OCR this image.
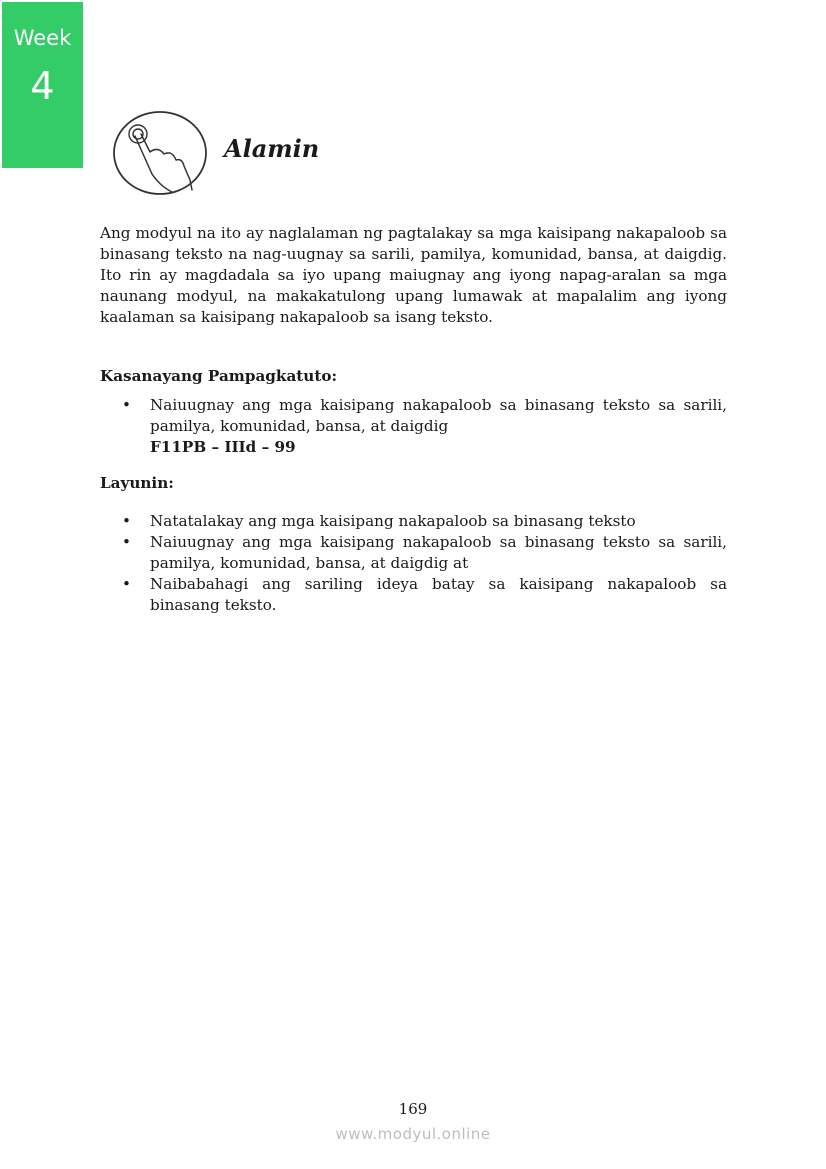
Week
4
Alamin

Ang modyul na ito ay naglalaman ng pagtalakay sa mga kaisipang nakapaloob sa binasang teksto na nag-uugnay sa sarili, pamilya, komunidad, bansa, at daigdig. Ito rin ay magdadala sa iyo upang maiugnay ang iyong napag-aralan sa mga naunang modyul, na makakatulong upang lumawak at mapalalim ang iyong kaalaman sa kaisipang nakapaloob sa isang teksto.

Kasanayang Pampagkatuto:

• Naiuugnay ang mga kaisipang nakapaloob sa binasang teksto sa sarili, pamilya, komunidad, bansa, at daigdig
F11PB – IIId – 99

Layunin:

• Natatalakay ang mga kaisipang nakapaloob sa binasang teksto
• Naiuugnay ang mga kaisipang nakapaloob sa binasang teksto sa sarili, pamilya, komunidad, bansa, at daigdig at
• Naibabahagi ang sariling ideya batay sa kaisipang nakapaloob sa binasang teksto.
169
www.modyul.online
